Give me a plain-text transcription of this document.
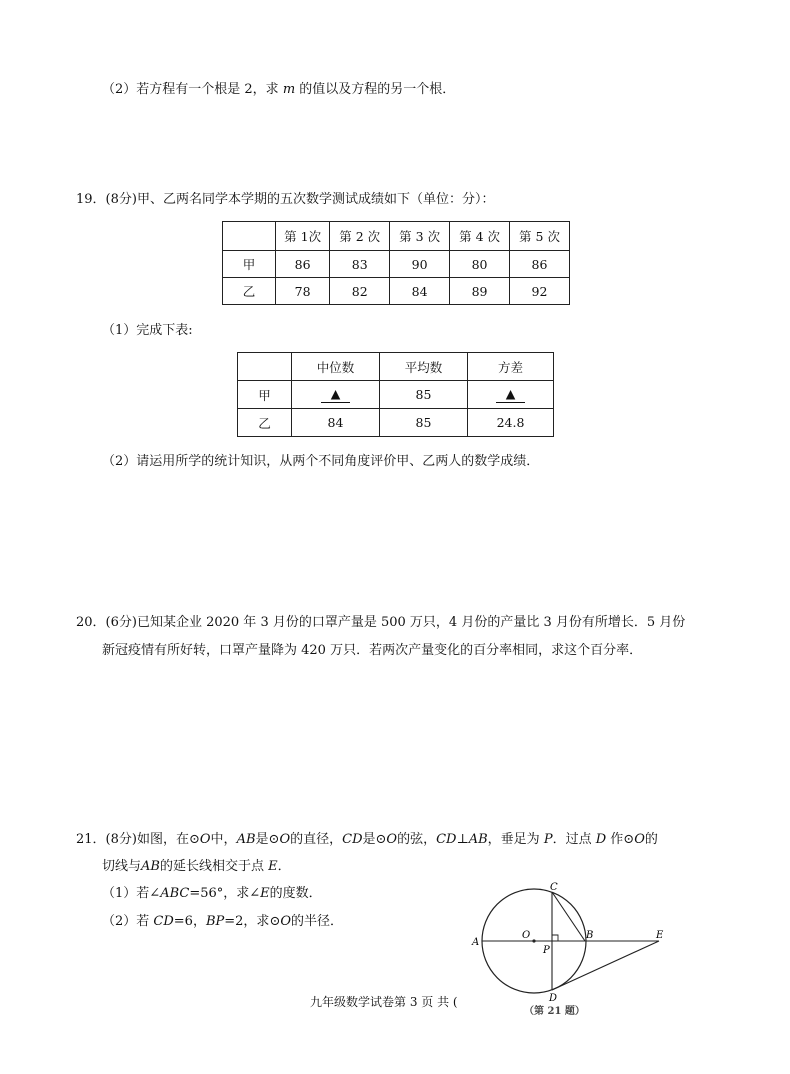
（2）若方程有一个根是 2，求 m 的值以及方程的另一个根．
19．(8分)甲、乙两名同学本学期的五次数学测试成绩如下（单位：分）：
	第 1次	第 2 次	第 3 次	第 4 次	第 5 次
甲	86	83	90	80	86
乙	78	82	84	89	92
（1）完成下表:
	中位数	平均数	方差
甲	▲	85	▲
乙	84	85	24.8
（2）请运用所学的统计知识，从两个不同角度评价甲、乙两人的数学成绩．
20．(6分)已知某企业 2020 年 3 月份的口罩产量是 500 万只，4 月份的产量比 3 月份有所增长．5 月份
新冠疫情有所好转，口罩产量降为 420 万只．若两次产量变化的百分率相同，求这个百分率．
21．(8分)如图，在⊙O中，AB是⊙O的直径，CD是⊙O的弦，CD⊥AB，垂足为 P．过点 D 作⊙O的
切线与AB的延长线相交于点 E．
（1）若∠ABC=56°，求∠E的度数．
（2）若 CD=6，BP=2，求⊙O的半径．
A
O
P
B	E
C
D
（第 21 题）
九年级数学试卷第 3 页 共 (
